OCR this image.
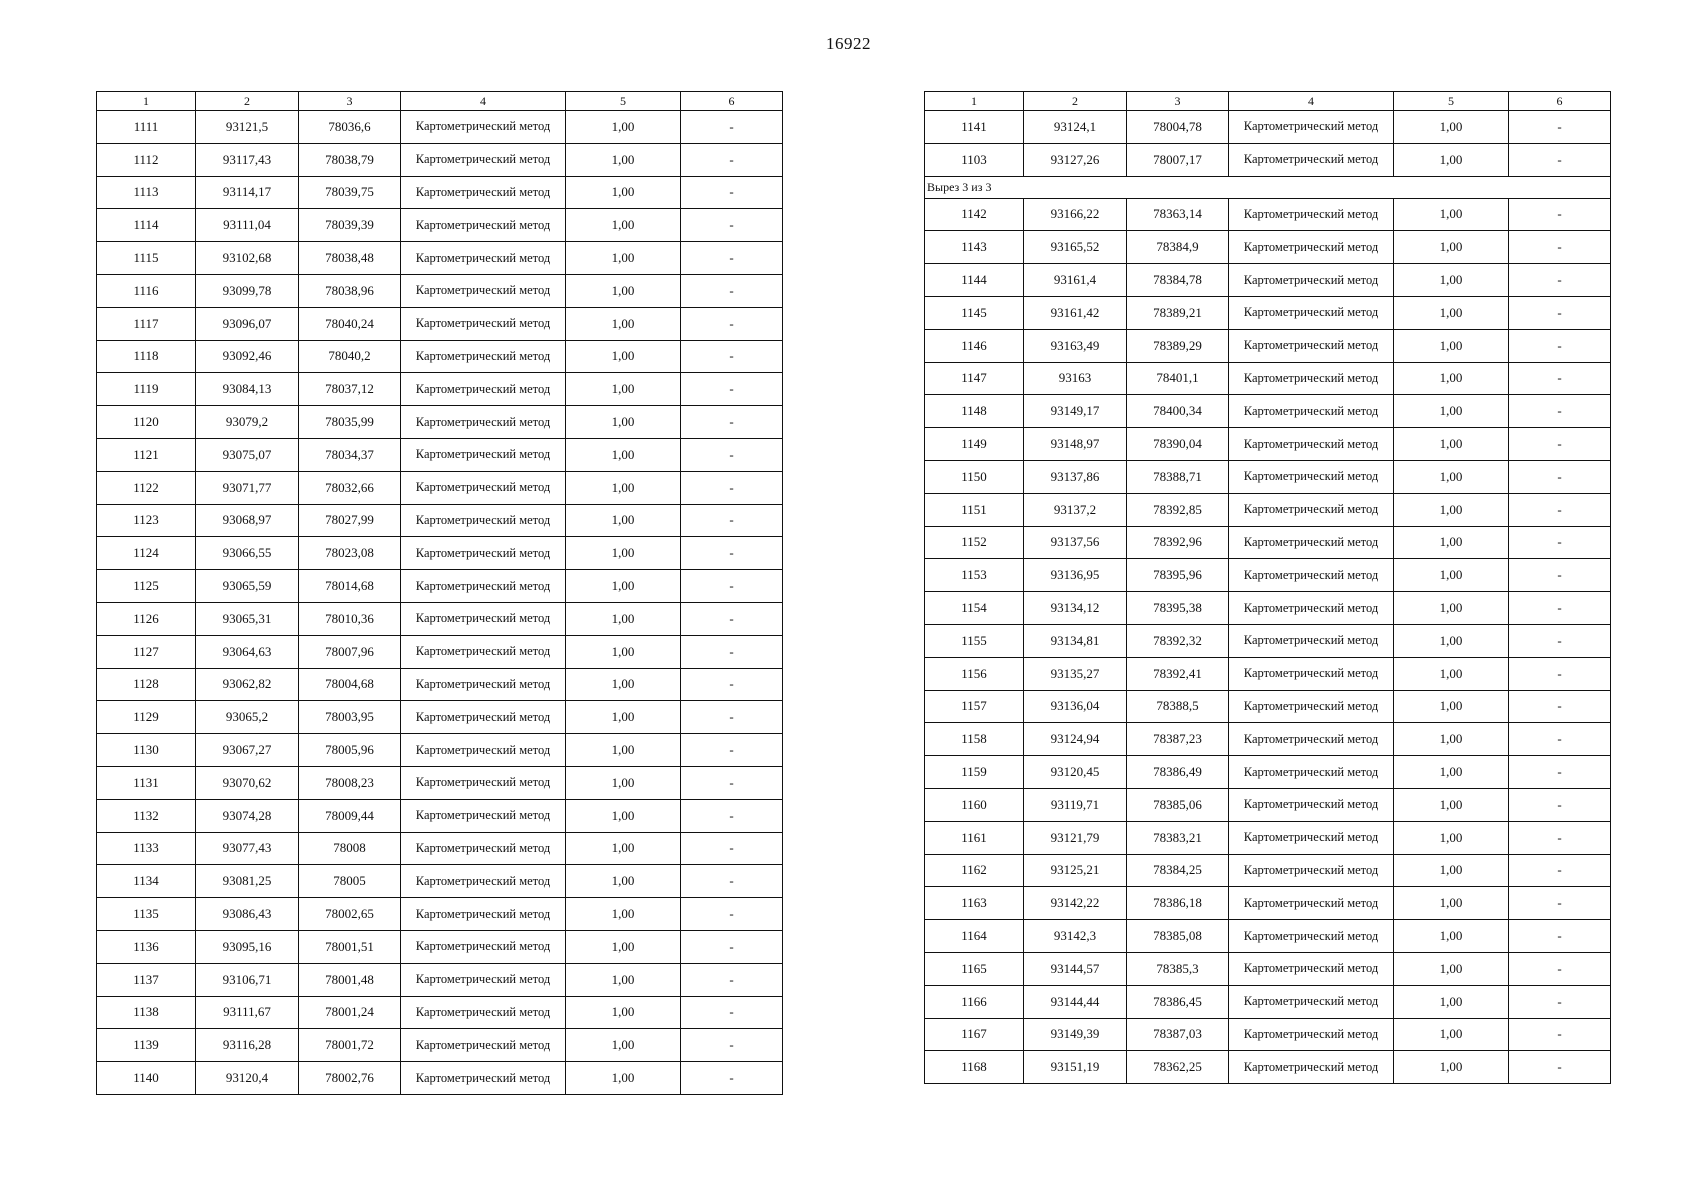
16922
1	2	3	4	5	6
1111	93121,5	78036,6	Картометрический метод	1,00	-
1112	93117,43	78038,79	Картометрический метод	1,00	-
1113	93114,17	78039,75	Картометрический метод	1,00	-
1114	93111,04	78039,39	Картометрический метод	1,00	-
1115	93102,68	78038,48	Картометрический метод	1,00	-
1116	93099,78	78038,96	Картометрический метод	1,00	-
1117	93096,07	78040,24	Картометрический метод	1,00	-
1118	93092,46	78040,2	Картометрический метод	1,00	-
1119	93084,13	78037,12	Картометрический метод	1,00	-
1120	93079,2	78035,99	Картометрический метод	1,00	-
1121	93075,07	78034,37	Картометрический метод	1,00	-
1122	93071,77	78032,66	Картометрический метод	1,00	-
1123	93068,97	78027,99	Картометрический метод	1,00	-
1124	93066,55	78023,08	Картометрический метод	1,00	-
1125	93065,59	78014,68	Картометрический метод	1,00	-
1126	93065,31	78010,36	Картометрический метод	1,00	-
1127	93064,63	78007,96	Картометрический метод	1,00	-
1128	93062,82	78004,68	Картометрический метод	1,00	-
1129	93065,2	78003,95	Картометрический метод	1,00	-
1130	93067,27	78005,96	Картометрический метод	1,00	-
1131	93070,62	78008,23	Картометрический метод	1,00	-
1132	93074,28	78009,44	Картометрический метод	1,00	-
1133	93077,43	78008	Картометрический метод	1,00	-
1134	93081,25	78005	Картометрический метод	1,00	-
1135	93086,43	78002,65	Картометрический метод	1,00	-
1136	93095,16	78001,51	Картометрический метод	1,00	-
1137	93106,71	78001,48	Картометрический метод	1,00	-
1138	93111,67	78001,24	Картометрический метод	1,00	-
1139	93116,28	78001,72	Картометрический метод	1,00	-
1140	93120,4	78002,76	Картометрический метод	1,00	-
1	2	3	4	5	6
1141	93124,1	78004,78	Картометрический метод	1,00	-
1103	93127,26	78007,17	Картометрический метод	1,00	-
Вырез 3 из 3					
1142	93166,22	78363,14	Картометрический метод	1,00	-
1143	93165,52	78384,9	Картометрический метод	1,00	-
1144	93161,4	78384,78	Картометрический метод	1,00	-
1145	93161,42	78389,21	Картометрический метод	1,00	-
1146	93163,49	78389,29	Картометрический метод	1,00	-
1147	93163	78401,1	Картометрический метод	1,00	-
1148	93149,17	78400,34	Картометрический метод	1,00	-
1149	93148,97	78390,04	Картометрический метод	1,00	-
1150	93137,86	78388,71	Картометрический метод	1,00	-
1151	93137,2	78392,85	Картометрический метод	1,00	-
1152	93137,56	78392,96	Картометрический метод	1,00	-
1153	93136,95	78395,96	Картометрический метод	1,00	-
1154	93134,12	78395,38	Картометрический метод	1,00	-
1155	93134,81	78392,32	Картометрический метод	1,00	-
1156	93135,27	78392,41	Картометрический метод	1,00	-
1157	93136,04	78388,5	Картометрический метод	1,00	-
1158	93124,94	78387,23	Картометрический метод	1,00	-
1159	93120,45	78386,49	Картометрический метод	1,00	-
1160	93119,71	78385,06	Картометрический метод	1,00	-
1161	93121,79	78383,21	Картометрический метод	1,00	-
1162	93125,21	78384,25	Картометрический метод	1,00	-
1163	93142,22	78386,18	Картометрический метод	1,00	-
1164	93142,3	78385,08	Картометрический метод	1,00	-
1165	93144,57	78385,3	Картометрический метод	1,00	-
1166	93144,44	78386,45	Картометрический метод	1,00	-
1167	93149,39	78387,03	Картометрический метод	1,00	-
1168	93151,19	78362,25	Картометрический метод	1,00	-
